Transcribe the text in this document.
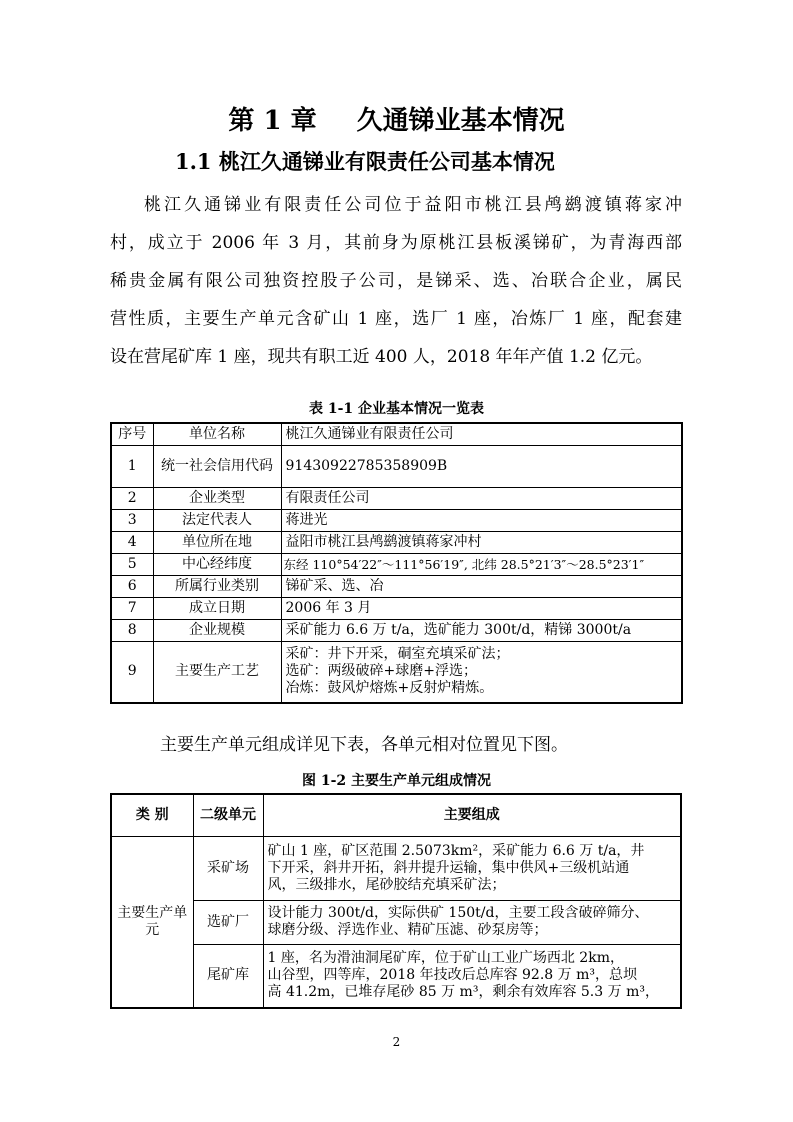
第 1 章 久通锑业基本情况
1.1 桃江久通锑业有限责任公司基本情况
桃江久通锑业有限责任公司位于益阳市桃江县鸬鹚渡镇蒋家冲
村，成立于 2006 年 3 月，其前身为原桃江县板溪锑矿，为青海西部
稀贵金属有限公司独资控股子公司，是锑采、选、冶联合企业，属民
营性质，主要生产单元含矿山 1 座，选厂 1 座，冶炼厂 1 座，配套建
设在营尾矿库 1 座，现共有职工近 400 人，2018 年年产值 1.2 亿元。
表 1-1 企业基本情况一览表
序号	单位名称	桃江久通锑业有限责任公司
1	统一社会信用代码	91430922785358909B
2	企业类型	有限责任公司
3	法定代表人	蒋进光
4	单位所在地	益阳市桃江县鸬鹚渡镇蒋家冲村
5	中心经纬度	东经 110°54′22″～111°56′19″, 北纬 28.5°21′3″～28.5°23′1″
6	所属行业类别	锑矿采、选、冶
7	成立日期	2006 年 3 月
8	企业规模	采矿能力 6.6 万 t/a，选矿能力 300t/d，精锑 3000t/a
9	主要生产工艺	采矿：井下开采，硐室充填采矿法；
选矿：两级破碎+球磨+浮选；
冶炼：鼓风炉熔炼+反射炉精炼。
主要生产单元组成详见下表，各单元相对位置见下图。
图 1-2 主要生产单元组成情况
类 别	二级单元	主要组成
主要生产单元	采矿场	矿山 1 座，矿区范围 2.5073km²，采矿能力 6.6 万 t/a，井
下开采，斜井开拓，斜井提升运输，集中供风+三级机站通
风，三级排水，尾砂胶结充填采矿法；

	选矿厂	设计能力 300t/d，实际供矿 150t/d，主要工段含破碎筛分、
球磨分级、浮选作业、精矿压滤、砂泵房等；

	尾矿库	1 座，名为滑油洞尾矿库，位于矿山工业广场西北 2km，
山谷型，四等库，2018 年技改后总库容 92.8 万 m³，总坝
高 41.2m，已堆存尾砂 85 万 m³，剩余有效库容 5.3 万 m³，
2
